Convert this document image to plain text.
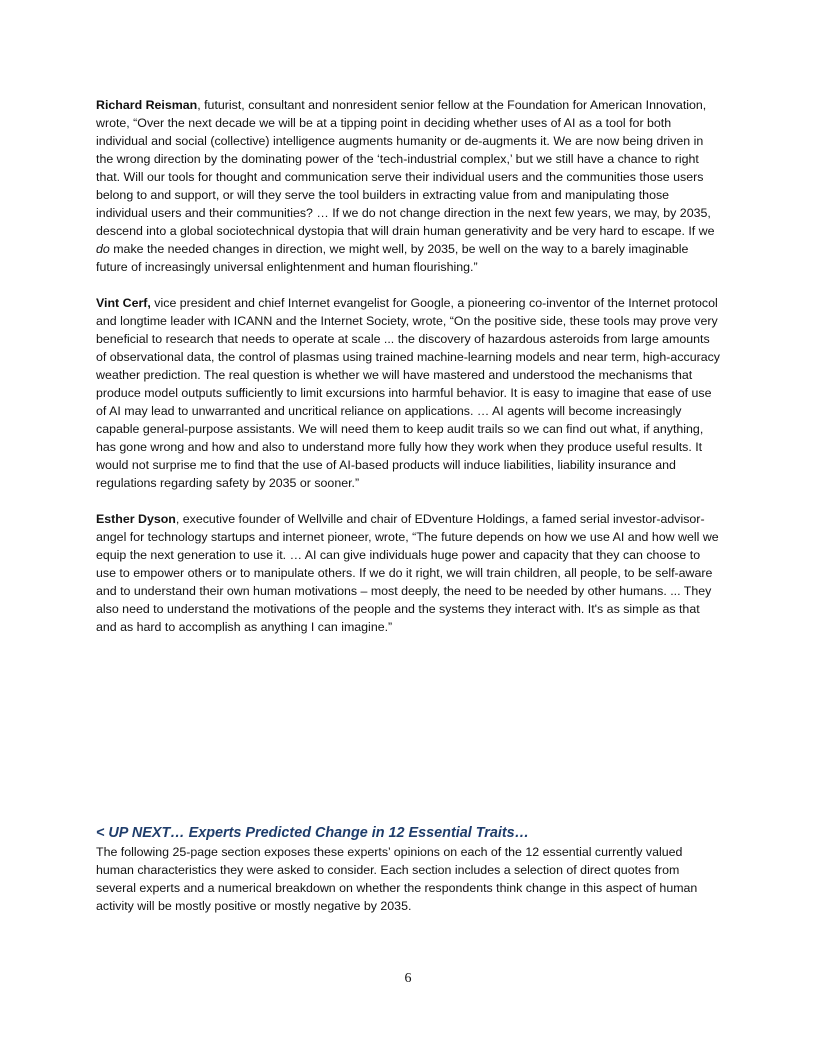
Richard Reisman, futurist, consultant and nonresident senior fellow at the Foundation for American Innovation, wrote, “Over the next decade we will be at a tipping point in deciding whether uses of AI as a tool for both individual and social (collective) intelligence augments humanity or de-augments it. We are now being driven in the wrong direction by the dominating power of the ‘tech-industrial complex,’ but we still have a chance to right that. Will our tools for thought and communication serve their individual users and the communities those users belong to and support, or will they serve the tool builders in extracting value from and manipulating those individual users and their communities? … If we do not change direction in the next few years, we may, by 2035, descend into a global sociotechnical dystopia that will drain human generativity and be very hard to escape. If we do make the needed changes in direction, we might well, by 2035, be well on the way to a barely imaginable future of increasingly universal enlightenment and human flourishing.”

Vint Cerf, vice president and chief Internet evangelist for Google, a pioneering co-inventor of the Internet protocol and longtime leader with ICANN and the Internet Society, wrote, “On the positive side, these tools may prove very beneficial to research that needs to operate at scale ... the discovery of hazardous asteroids from large amounts of observational data, the control of plasmas using trained machine-learning models and near term, high-accuracy weather prediction. The real question is whether we will have mastered and understood the mechanisms that produce model outputs sufficiently to limit excursions into harmful behavior. It is easy to imagine that ease of use of AI may lead to unwarranted and uncritical reliance on applications. … AI agents will become increasingly capable general-purpose assistants. We will need them to keep audit trails so we can find out what, if anything, has gone wrong and how and also to understand more fully how they work when they produce useful results. It would not surprise me to find that the use of AI-based products will induce liabilities, liability insurance and regulations regarding safety by 2035 or sooner.”

Esther Dyson, executive founder of Wellville and chair of EDventure Holdings, a famed serial investor-advisor-angel for technology startups and internet pioneer, wrote, “The future depends on how we use AI and how well we equip the next generation to use it. … AI can give individuals huge power and capacity that they can choose to use to empower others or to manipulate others. If we do it right, we will train children, all people, to be self-aware and to understand their own human motivations – most deeply, the need to be needed by other humans. ... They also need to understand the motivations of the people and the systems they interact with. It's as simple as that and as hard to accomplish as anything I can imagine.”

< UP NEXT… Experts Predicted Change in 12 Essential Traits…

The following 25-page section exposes these experts’ opinions on each of the 12 essential currently valued human characteristics they were asked to consider. Each section includes a selection of direct quotes from several experts and a numerical breakdown on whether the respondents think change in this aspect of human activity will be mostly positive or mostly negative by 2035.

6
